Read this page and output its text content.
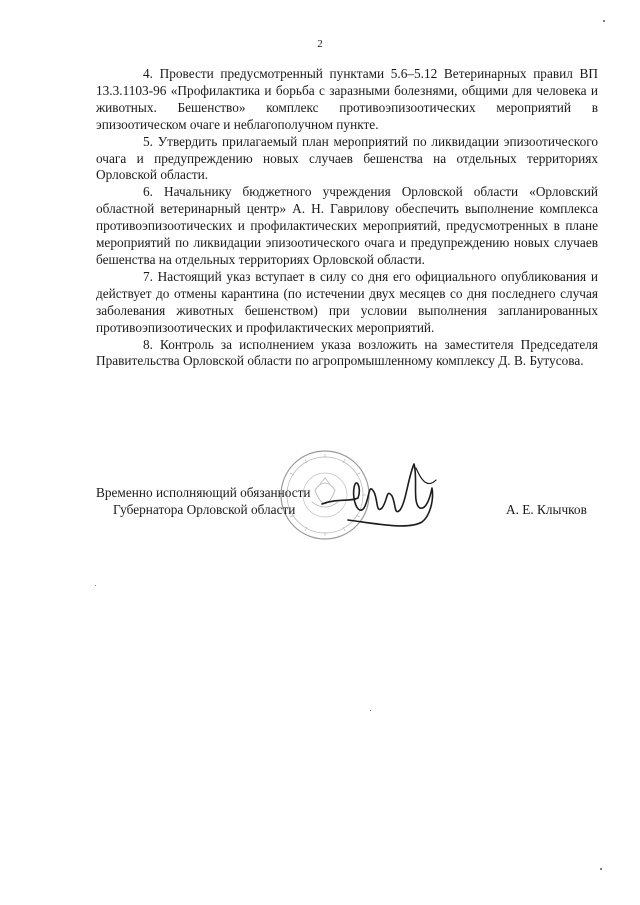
2

4. Провести предусмотренный пунктами 5.6–5.12 Ветеринарных правил ВП 13.3.1103-96 «Профилактика и борьба с заразными болезнями, общими для человека и животных. Бешенство» комплекс противоэпизоотических мероприятий в эпизоотическом очаге и неблагополучном пункте.

5. Утвердить прилагаемый план мероприятий по ликвидации эпизоотического очага и предупреждению новых случаев бешенства на отдельных территориях Орловской области.

6. Начальнику бюджетного учреждения Орловской области «Орловский областной ветеринарный центр» А. Н. Гаврилову обеспечить выполнение комплекса противоэпизоотических и профилактических мероприятий, предусмотренных в плане мероприятий по ликвидации эпизоотического очага и предупреждению новых случаев бешенства на отдельных территориях Орловской области.

7. Настоящий указ вступает в силу со дня его официального опубликования и действует до отмены карантина (по истечении двух месяцев со дня последнего случая заболевания животных бешенством) при условии выполнения запланированных противоэпизоотических и профилактических мероприятий.

8. Контроль за исполнением указа возложить на заместителя Председателя Правительства Орловской области по агропромышленному комплексу Д. В. Бутусова.

Временно исполняющий обязанности
Губернатора Орловской области	А. Е. Клычков
